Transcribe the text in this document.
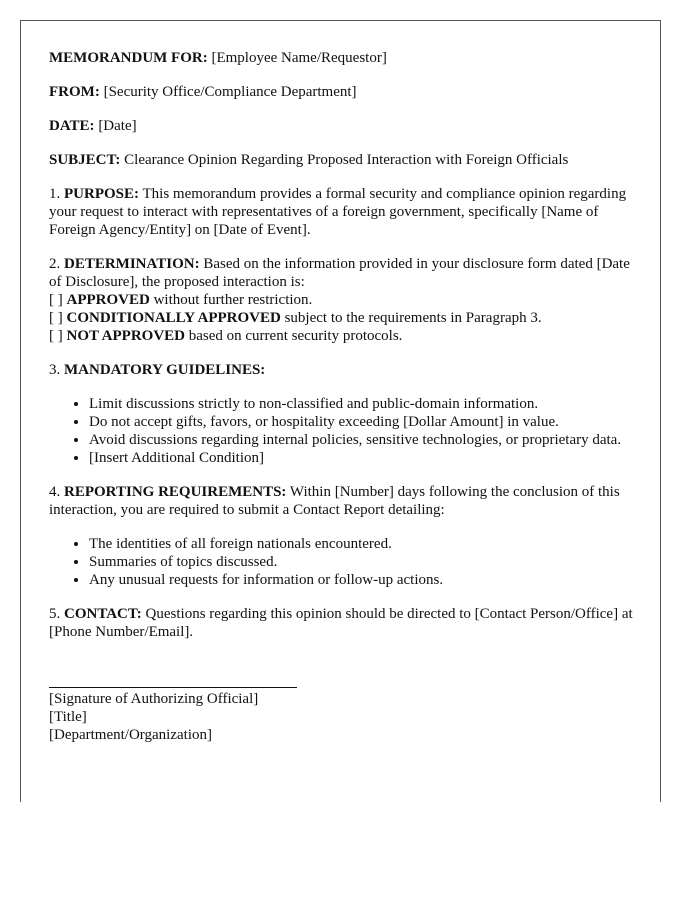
MEMORANDUM FOR: [Employee Name/Requestor]
FROM: [Security Office/Compliance Department]
DATE: [Date]
SUBJECT: Clearance Opinion Regarding Proposed Interaction with Foreign Officials

1. PURPOSE: This memorandum provides a formal security and compliance opinion regarding your request to interact with representatives of a foreign government, specifically [Name of Foreign Agency/Entity] on [Date of Event].

2. DETERMINATION: Based on the information provided in your disclosure form dated [Date of Disclosure], the proposed interaction is:
[ ] APPROVED without further restriction.
[ ] CONDITIONALLY APPROVED subject to the requirements in Paragraph 3.
[ ] NOT APPROVED based on current security protocols.

3. MANDATORY GUIDELINES:

• Limit discussions strictly to non-classified and public-domain information.
• Do not accept gifts, favors, or hospitality exceeding [Dollar Amount] in value.
• Avoid discussions regarding internal policies, sensitive technologies, or proprietary data.
• [Insert Additional Condition]

4. REPORTING REQUIREMENTS: Within [Number] days following the conclusion of this interaction, you are required to submit a Contact Report detailing:

• The identities of all foreign nationals encountered.
• Summaries of topics discussed.
• Any unusual requests for information or follow-up actions.

5. CONTACT: Questions regarding this opinion should be directed to [Contact Person/Office] at [Phone Number/Email].

[Signature of Authorizing Official]
[Title]
[Department/Organization]
